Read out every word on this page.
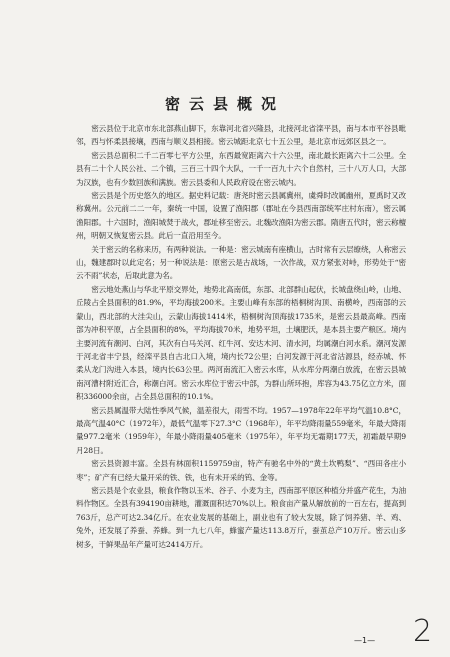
密云县概况

密云县位于北京市东北部燕山脚下，东靠河北省兴隆县，北接河北省滦平县，南与本市平谷县毗邻，西与怀柔县接壤，西南与顺义县相接。密云城距北京七十五公里，是北京市远郊区县之一。

密云县总面积二千二百零七平方公里，东西最宽距离六十六公里，南北最长距离六十二公里。全县有二十个人民公社、二个镇，三百三十四个大队，一千一百九十六个自然村，三十八万人口，大部为汉族，也有少数回族和满族。密云县委和人民政府设在密云城内。

密云县是个历史悠久的地区。据史料记载：唐尧时密云县属冀州，虞舜时改属幽州，夏禹时又改称冀州。公元前二二一年，秦统一中国，设置了渔阳郡（郡址在今县西南部统军庄村东南），密云属渔阳郡。十六国时，渔阳城焚于战火，郡址移至密云。北魏改渔阳为密云郡。隋唐五代时，密云称檀州，明朝又恢复密云县。此后一直沿用至今。

关于密云的名称来历，有两种说法。一种是：密云城南有座横山，古时常有云层缭绕，人称密云山，魏建郡时以此定名；另一种说法是：原密云是古战场，一次作战，双方紧张对峙，形势处于“密云不雨”状态，后取此意为名。

密云地处燕山与华北平原交界处，地势北高南低，东部、北部群山起伏，长城盘绕山岭，山地、丘陵占全县面积的81.9%，平均海拔200米。主要山峰有东部的梧桐树沟顶、南横岭，西南部的云蒙山，西北部的大洼尖山，云蒙山海拔1414米，梧桐树沟顶海拔1735米，是密云县最高峰。西南部为冲积平原，占全县面积的8%，平均海拔70米，地势平坦，土壤肥沃，是本县主要产粮区。境内主要河流有潮河、白河，其次有白马关河、红牛河、安达木河、清水河，均属潮白河水系。潮河发源于河北省丰宁县，经滦平县自古北口入境，境内长72公里；白河发源于河北省沽源县，经赤城、怀柔从龙门沟进入本县，境内长63公里。两河南流汇入密云水库，从水库分两潮白放流，在密云县城南河漕村附近汇合，称潮白河。密云水库位于密云中部，为群山所环抱，库容为43.75亿立方米，面积336000余亩，占全县总面积的10.1%。

密云县属温带大陆性季风气候，温差很大，雨雪不均。1957—1978年22年平均气温10.8°C，最高气温40°C（1972年），最低气温零下27.3°C（1968年），年平均降雨量559毫米，年最大降雨量977.2毫米（1959年），年最小降雨量405毫米（1975年），年平均无霜期177天，初霜最早期9月28日。

密云县资源丰富。全县有林面积1159759亩，特产有驰名中外的“黄土坎鸭梨”、“西田各庄小枣”；矿产有已经大量开采的铁、铁，也有未开采的钨、金等。

密云县是个农业县，粮食作物以玉米、谷子、小麦为主，西南部平原区种植分并盛产花生，为油料作物区。全县有394190亩耕地，灌溉面积达70%以上。粮食亩产量从解放前的一百左右，提高到763斤，总产可达2.34亿斤。在农业发展的基础上，副业也有了较大发展，除了饲养猪、羊、鸡、兔外，还发展了养蚕、养蜂。到一九七八年，蜂蜜产量达113.8万斤，蚕茧总产10万斤。密云山多树多，干鲜果品年产量可达2414万斤。

—1— 2
